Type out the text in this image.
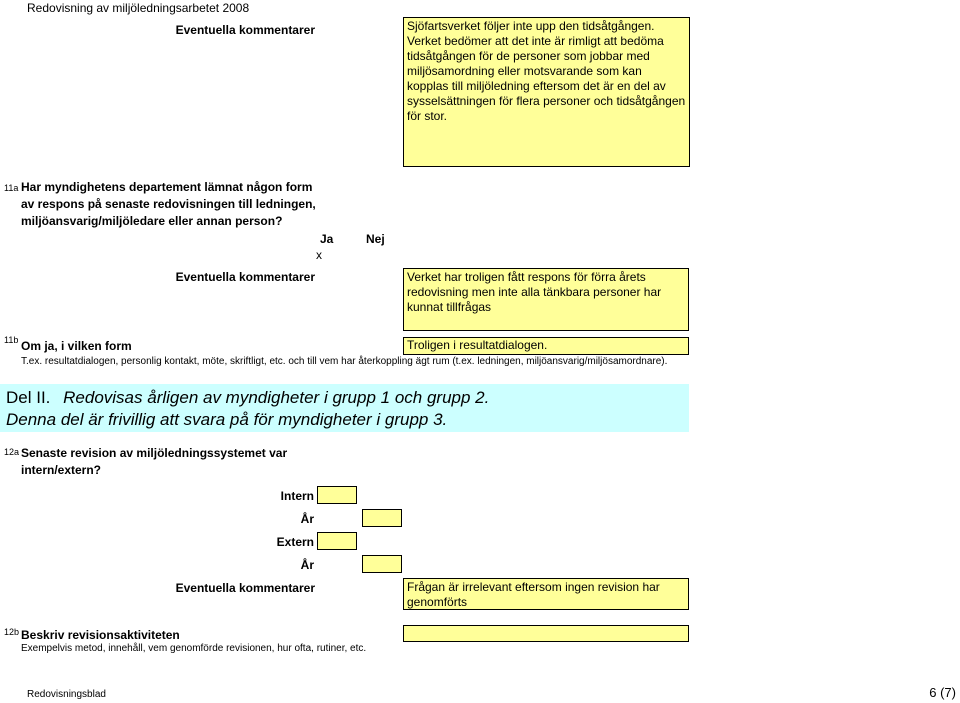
Redovisning av miljöledningsarbetet 2008
Eventuella kommentarer	Sjöfartsverket följer inte upp den tidsåtgången.
Verket bedömer att det inte är rimligt att bedöma tidsåtgången för de personer som jobbar med miljösamordning eller motsvarande som kan kopplas till miljöledning eftersom det är en del av sysselsättningen för flera personer och tidsåtgången för stor.
11a Har myndighetens departement lämnat någon form av respons på senaste redovisningen till ledningen, miljöansvarig/miljöledare eller annan person?
Ja	Nej
x
Eventuella kommentarer	Verket har troligen fått respons för förra årets redovisning men inte alla tänkbara personer har kunnat tillfrågas
11b Om ja, i vilken form	Troligen i resultatdialogen.
T.ex. resultatdialogen, personlig kontakt, möte, skriftligt, etc. och till vem har återkoppling ägt rum (t.ex. ledningen, miljöansvarig/miljösamordnare).
Del II. Redovisas årligen av myndigheter i grupp 1 och grupp 2.
Denna del är frivillig att svara på för myndigheter i grupp 3.
12a Senaste revision av miljöledningssystemet var intern/extern?
Intern
År
Extern
År
Eventuella kommentarer	Frågan är irrelevant eftersom ingen revision har genomförts
12b Beskriv revisionsaktiviteten
Exempelvis metod, innehåll, vem genomförde revisionen, hur ofta, rutiner, etc.
Redovisningsblad	6 (7)
